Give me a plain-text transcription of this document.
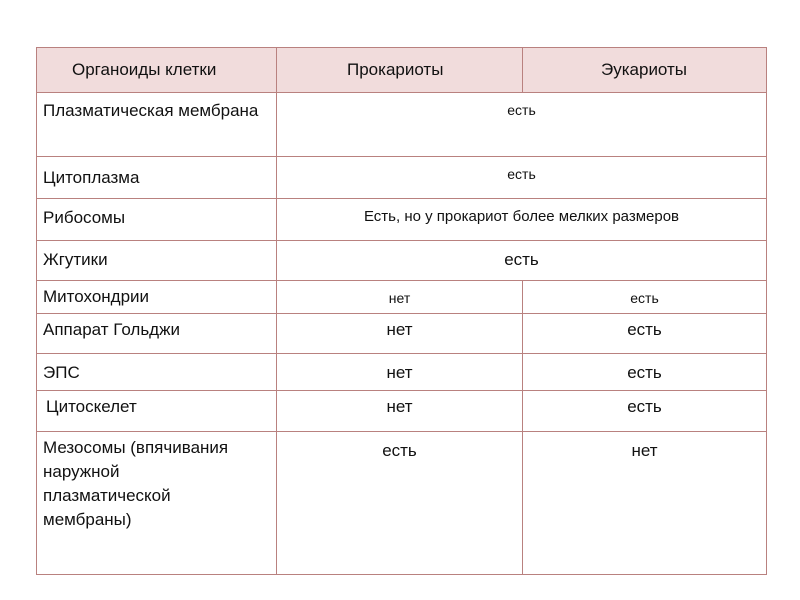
Органоиды клетки	Прокариоты	Эукариоты

Плазматическая мембрана	есть	
Цитоплазма	есть	
Рибосомы	Есть, но у прокариот более мелких размеров	
Жгутики	есть	
Митохондрии	нет	есть
Аппарат Гольджи	нет	есть
ЭПС	нет	есть
Цитоскелет	нет	есть
Мезосомы (впячивания наружной плазматической мембраны)	есть	нет
